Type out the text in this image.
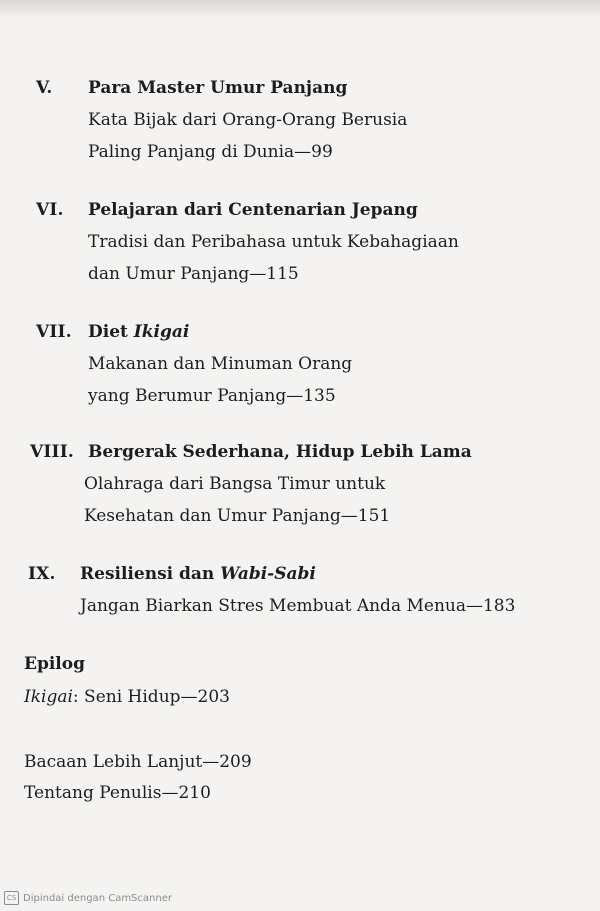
V. Para Master Umur Panjang
Kata Bijak dari Orang-Orang Berusia
Paling Panjang di Dunia—99
VI. Pelajaran dari Centenarian Jepang
Tradisi dan Peribahasa untuk Kebahagiaan
dan Umur Panjang—115
VII. Diet Ikigai
Makanan dan Minuman Orang
yang Berumur Panjang—135
VIII. Bergerak Sederhana, Hidup Lebih Lama
Olahraga dari Bangsa Timur untuk
Kesehatan dan Umur Panjang—151
IX. Resiliensi dan Wabi-Sabi
Jangan Biarkan Stres Membuat Anda Menua—183
Epilog
Ikigai: Seni Hidup—203
Bacaan Lebih Lanjut—209
Tentang Penulis—210
CS Dipindai dengan CamScanner
